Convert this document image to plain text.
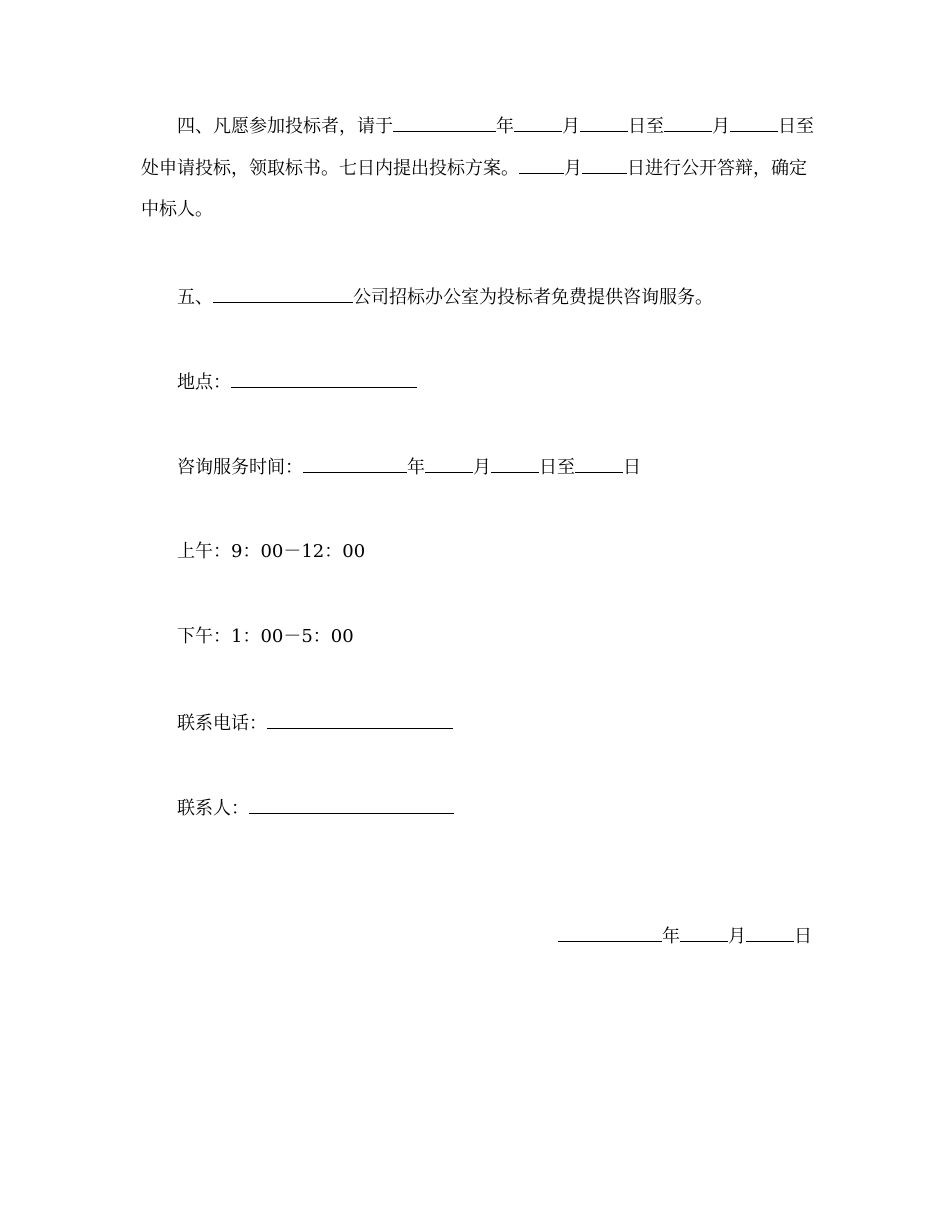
四、凡愿参加投标者，请于	年	月	日至	月	日至
处申请投标，领取标书。七日内提出投标方案。	月	日进行公开答辩，确定
中标人。
五、	公司招标办公室为投标者免费提供咨询服务。
地点：
咨询服务时间：	年	月	日至	日
上午：9：00－12：00
下午：1：00－5：00
联系电话：
联系人：
年	月	日
